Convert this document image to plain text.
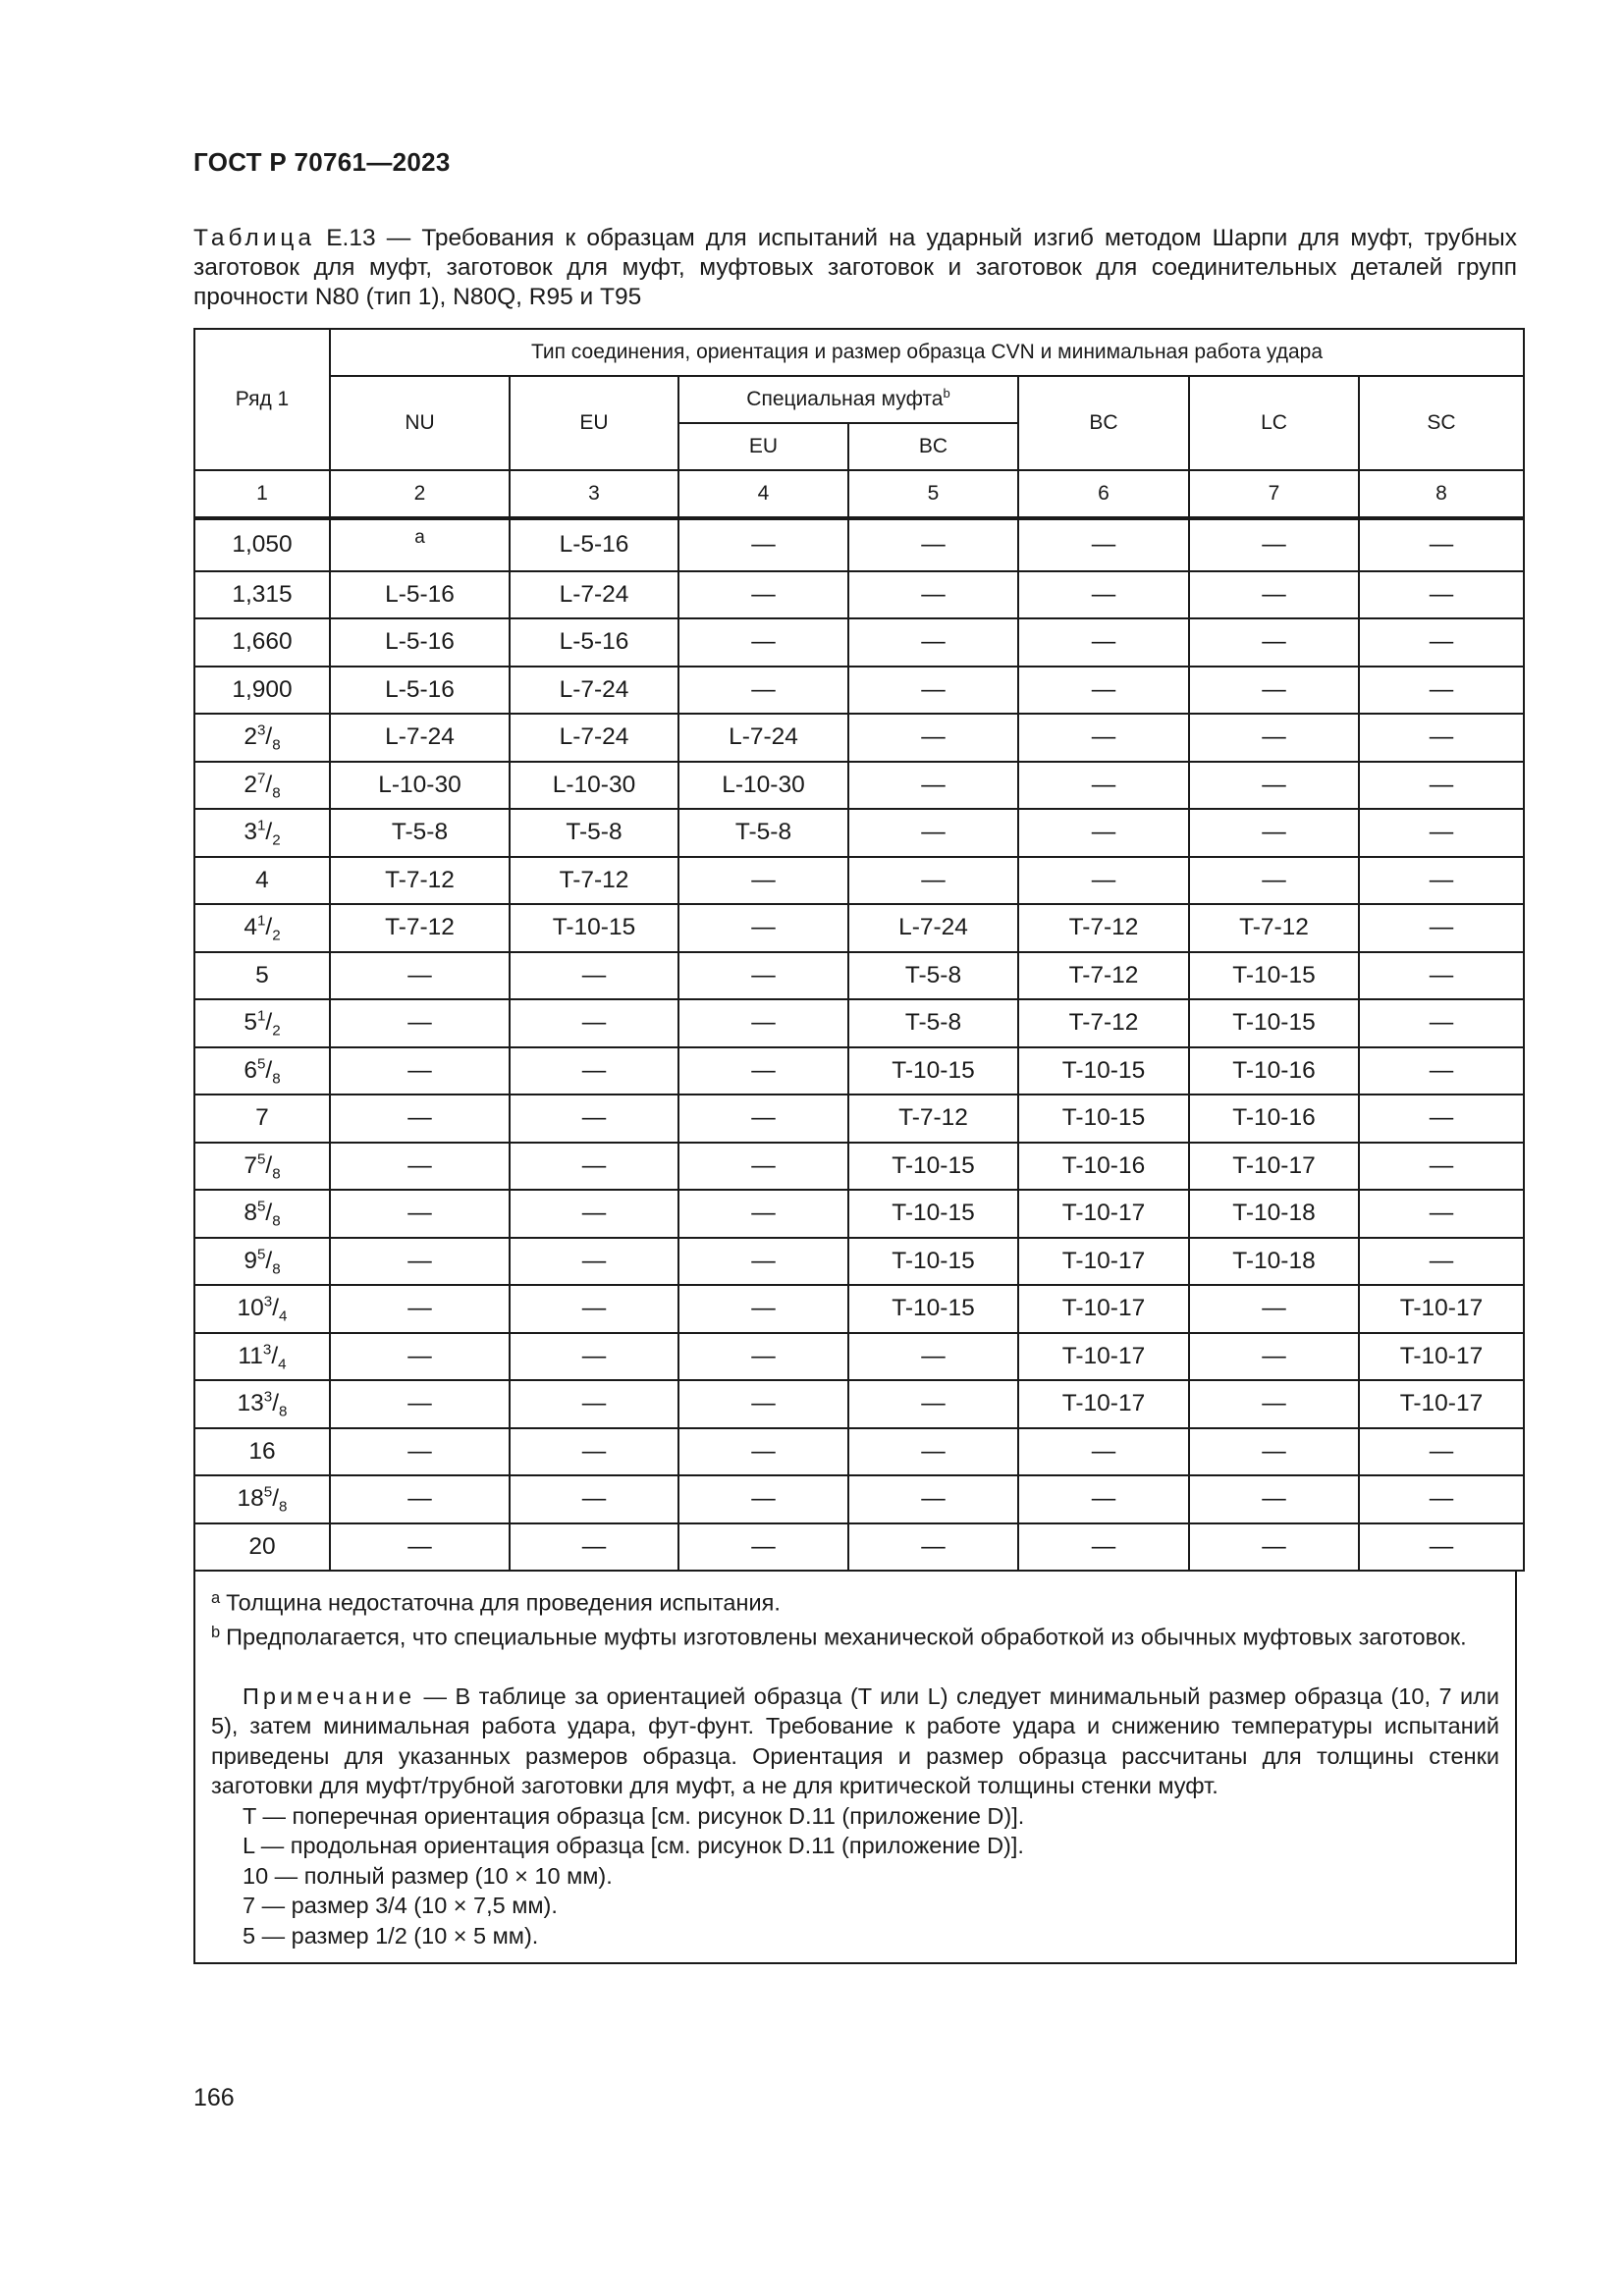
ГОСТ Р 70761—2023
Таблица Е.13 — Требования к образцам для испытаний на ударный изгиб методом Шарпи для муфт, трубных заготовок для муфт, заготовок для муфт, муфтовых заготовок и заготовок для соединительных деталей групп прочности N80 (тип 1), N80Q, R95 и T95
Ряд 1	Тип соединения, ориентация и размер образца CVN и минимальная работа удара						
	NU	EU	Специальная муфта$^b$		BC	LC	SC
			EU	BC			
1	2	3	4	5	6	7	8
1,050	a	L-5-16	—	—	—	—	—
1,315	L-5-16	L-7-24	—	—	—	—	—
1,660	L-5-16	L-5-16	—	—	—	—	—
1,900	L-5-16	L-7-24	—	—	—	—	—
$2^3/_8$	L-7-24	L-7-24	L-7-24	—	—	—	—
$2^7/_8$	L-10-30	L-10-30	L-10-30	—	—	—	—
$3^1/_2$	T-5-8	T-5-8	T-5-8	—	—	—	—
4	T-7-12	T-7-12	—	—	—	—	—
$4^1/_2$	T-7-12	T-10-15	—	L-7-24	T-7-12	T-7-12	—
5	—	—	—	T-5-8	T-7-12	T-10-15	—
$5^1/_2$	—	—	—	T-5-8	T-7-12	T-10-15	—
$6^5/_8$	—	—	—	T-10-15	T-10-15	T-10-16	—
7	—	—	—	T-7-12	T-10-15	T-10-16	—
$7^5/_8$	—	—	—	T-10-15	T-10-16	T-10-17	—
$8^5/_8$	—	—	—	T-10-15	T-10-17	T-10-18	—
$9^5/_8$	—	—	—	T-10-15	T-10-17	T-10-18	—
$10^3/_4$	—	—	—	T-10-15	T-10-17	—	T-10-17
$11^3/_4$	—	—	—	—	T-10-17	—	T-10-17
$13^3/_8$	—	—	—	—	T-10-17	—	T-10-17
16	—	—	—	—	—	—	—
$18^5/_8$	—	—	—	—	—	—	—
20	—	—	—	—	—	—	—
$^a$ Толщина недостаточна для проведения испытания.
$^b$ Предполагается, что специальные муфты изготовлены механической обработкой из обычных муфтовых заготовок.
Примечание — В таблице за ориентацией образца (T или L) следует минимальный размер образца (10, 7 или 5), затем минимальная работа удара, фут-фунт. Требование к работе удара и снижению температуры испытаний приведены для указанных размеров образца. Ориентация и размер образца рассчитаны для толщины стенки заготовки для муфт/трубной заготовки для муфт, а не для критической толщины стенки муфт.
T — поперечная ориентация образца [см. рисунок D.11 (приложение D)].
L — продольная ориентация образца [см. рисунок D.11 (приложение D)].
10 — полный размер (10 × 10 мм).
7 — размер 3/4 (10 × 7,5 мм).
5 — размер 1/2 (10 × 5 мм).
166
